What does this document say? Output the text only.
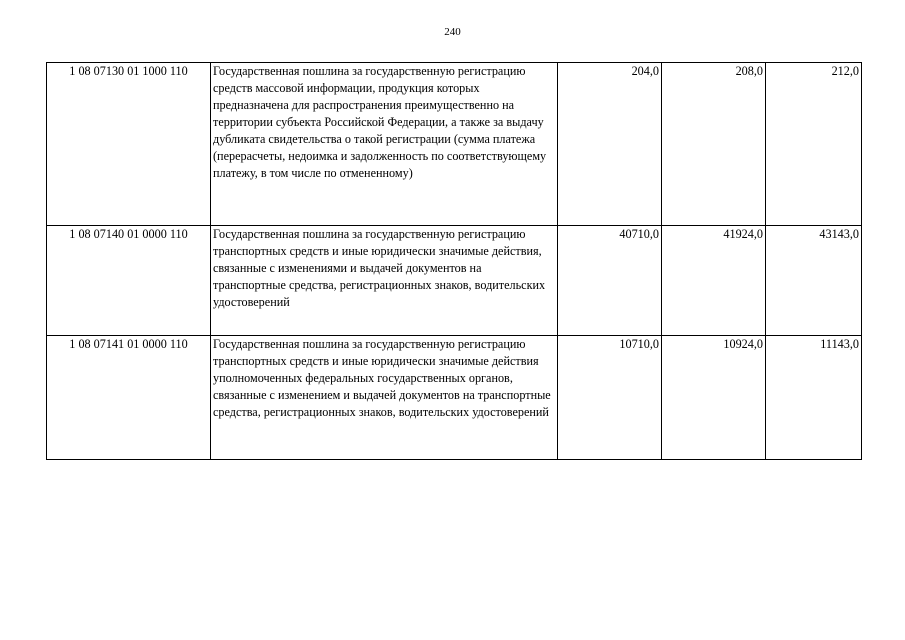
240
1 08 07130 01 1000 110	Государственная пошлина за государственную регистрацию средств массовой информации, продукция которых предназначена для распространения преимущественно на территории субъекта Российской Федерации, а также за выдачу дубликата свидетельства о такой регистрации (сумма платежа (перерасчеты, недоимка и задолженность по соответствующему платежу, в том числе по отмененному)	204,0	208,0	212,0
1 08 07140 01 0000 110	Государственная пошлина за государственную регистрацию транспортных средств и иные юридически значимые действия, связанные с изменениями и выдачей документов на транспортные средства, регистрационных знаков, водительских удостоверений	40710,0	41924,0	43143,0
1 08 07141 01 0000 110	Государственная пошлина за государственную регистрацию транспортных средств и иные юридически значимые действия уполномоченных федеральных государственных органов, связанные с изменением и выдачей документов на транспортные средства, регистрационных знаков, водительских удостоверений	10710,0	10924,0	11143,0
